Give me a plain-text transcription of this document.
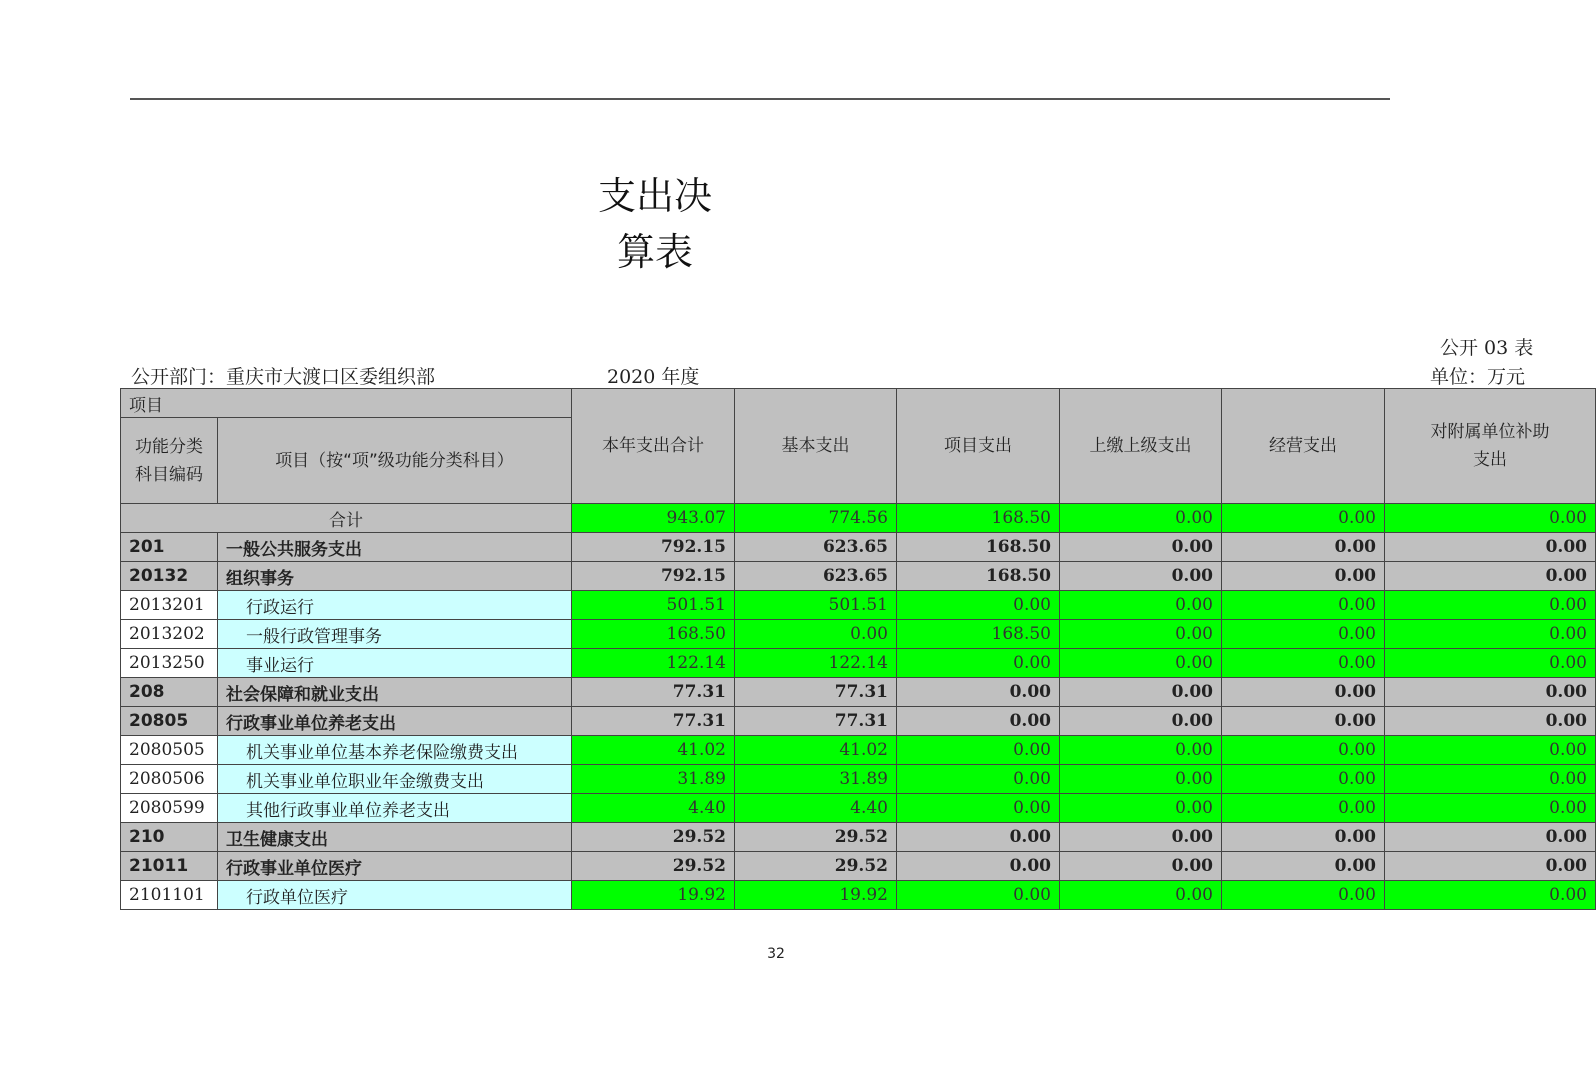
支出决
算表
公开 03 表
公开部门：重庆市大渡口区委组织部	2020 年度	单位：万元
项目		本年支出合计	基本支出	项目支出	上缴上级支出	经营支出	对附属单位补助
支出

功能分类
科目编码	项目（按“项”级功能分类科目）						
合计		943.07	774.56	168.50	0.00	0.00	0.00
201	一般公共服务支出	792.15	623.65	168.50	0.00	0.00	0.00
20132	组织事务	792.15	623.65	168.50	0.00	0.00	0.00
2013201	行政运行	501.51	501.51	0.00	0.00	0.00	0.00
2013202	一般行政管理事务	168.50	0.00	168.50	0.00	0.00	0.00
2013250	事业运行	122.14	122.14	0.00	0.00	0.00	0.00
208	社会保障和就业支出	77.31	77.31	0.00	0.00	0.00	0.00
20805	行政事业单位养老支出	77.31	77.31	0.00	0.00	0.00	0.00
2080505	机关事业单位基本养老保险缴费支出	41.02	41.02	0.00	0.00	0.00	0.00
2080506	机关事业单位职业年金缴费支出	31.89	31.89	0.00	0.00	0.00	0.00
2080599	其他行政事业单位养老支出	4.40	4.40	0.00	0.00	0.00	0.00
210	卫生健康支出	29.52	29.52	0.00	0.00	0.00	0.00
21011	行政事业单位医疗	29.52	29.52	0.00	0.00	0.00	0.00
2101101	行政单位医疗	19.92	19.92	0.00	0.00	0.00	0.00
32
